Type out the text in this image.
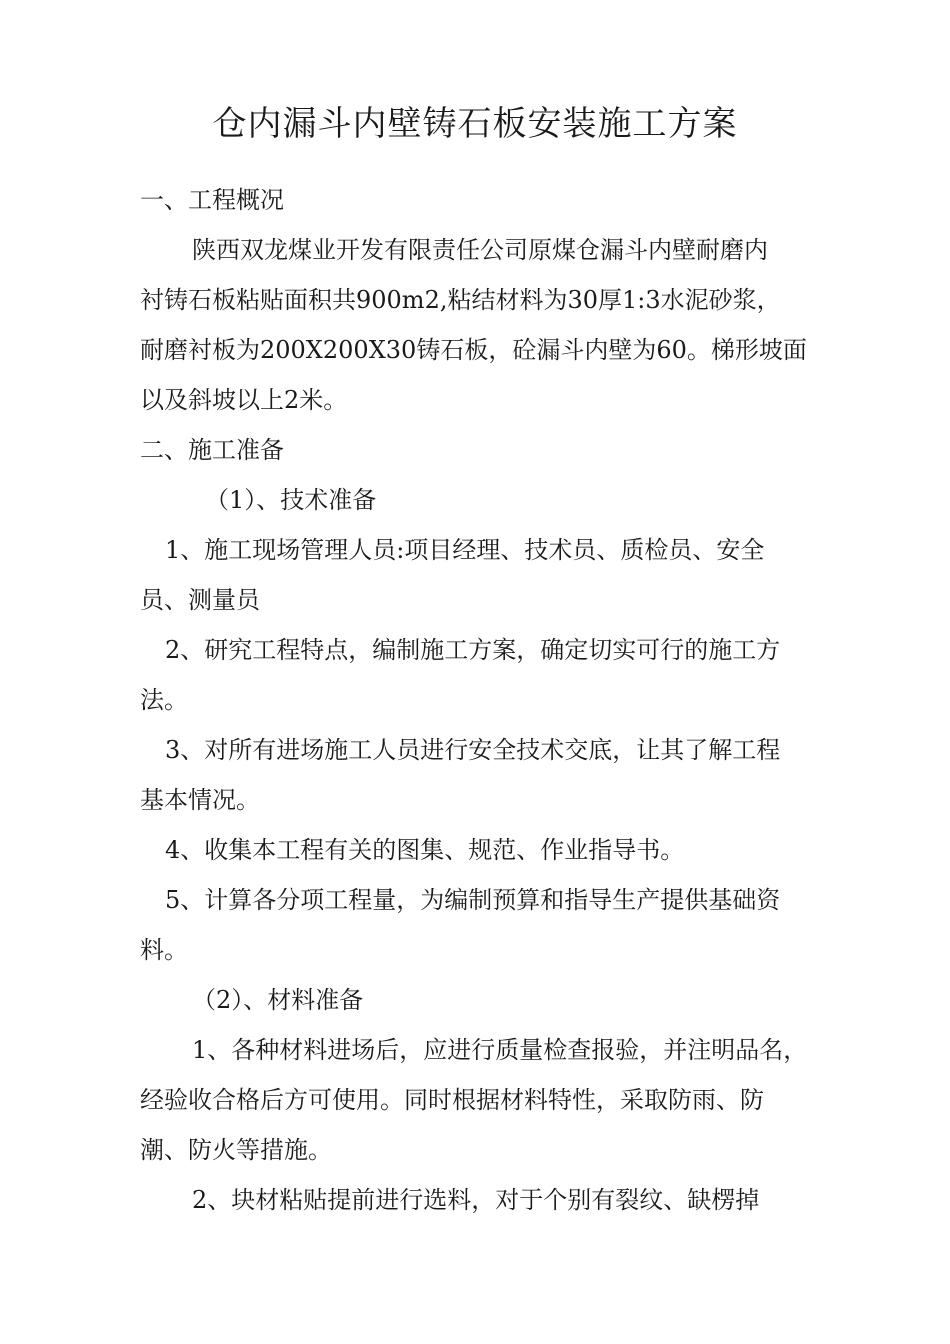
仓内漏斗内壁铸石板安装施工方案
一、工程概况
陕西双龙煤业开发有限责任公司原煤仓漏斗内壁耐磨内
衬铸石板粘贴面积共900m2,粘结材料为30厚1:3水泥砂浆，
耐磨衬板为200X200X30铸石板，砼漏斗内壁为60。梯形坡面
以及斜坡以上2米。
二、施工准备
（1）、技术准备
1、施工现场管理人员:项目经理、技术员、质检员、安全
员、测量员
2、研究工程特点，编制施工方案，确定切实可行的施工方
法。
3、对所有进场施工人员进行安全技术交底，让其了解工程
基本情况。
4、收集本工程有关的图集、规范、作业指导书。
5、计算各分项工程量，为编制预算和指导生产提供基础资
料。
（2）、材料准备
1、各种材料进场后，应进行质量检查报验，并注明品名，
经验收合格后方可使用。同时根据材料特性，采取防雨、防
潮、防火等措施。
2、块材粘贴提前进行选料，对于个别有裂纹、缺楞掉
